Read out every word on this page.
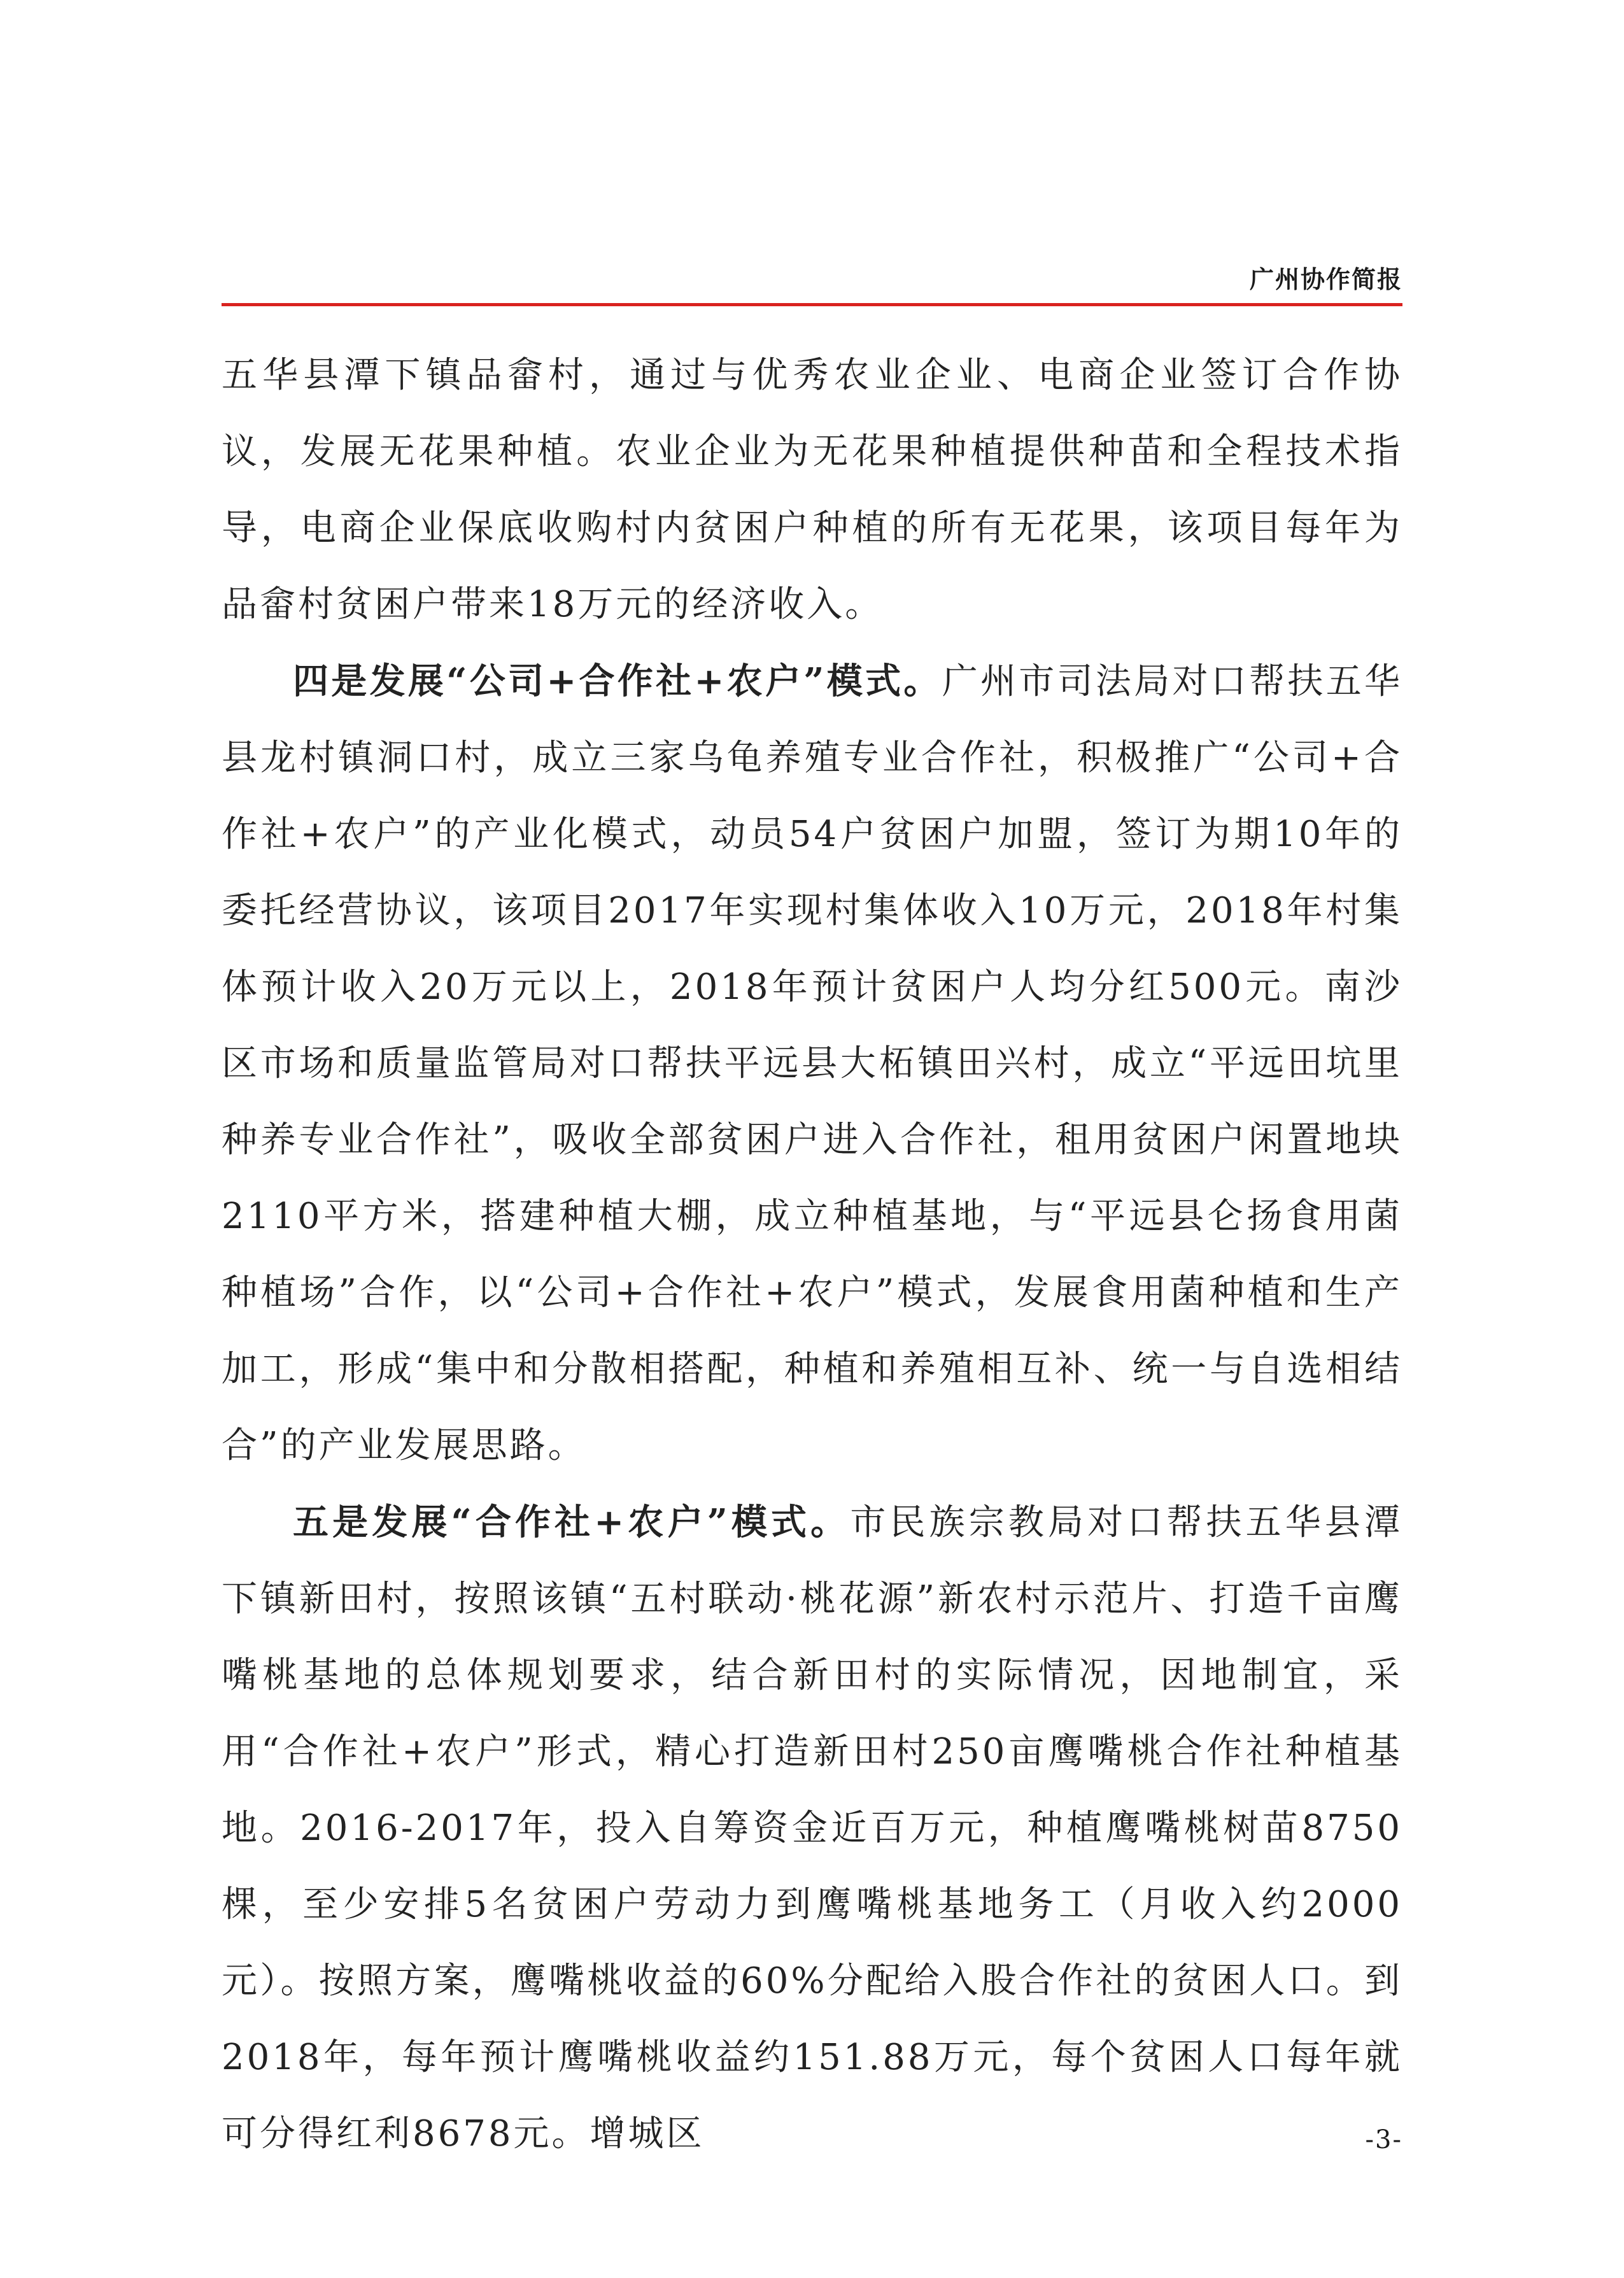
广州协作简报

五华县潭下镇品畲村，通过与优秀农业企业、电商企业签订合作协议，发展无花果种植。农业企业为无花果种植提供种苗和全程技术指导，电商企业保底收购村内贫困户种植的所有无花果，该项目每年为品畲村贫困户带来18万元的经济收入。

四是发展“公司+合作社+农户”模式。广州市司法局对口帮扶五华县龙村镇洞口村，成立三家乌龟养殖专业合作社，积极推广“公司+合作社+农户”的产业化模式，动员54户贫困户加盟，签订为期10年的委托经营协议，该项目2017年实现村集体收入10万元，2018年村集体预计收入20万元以上，2018年预计贫困户人均分红500元。南沙区市场和质量监管局对口帮扶平远县大柘镇田兴村，成立“平远田坑里种养专业合作社”，吸收全部贫困户进入合作社，租用贫困户闲置地块2110平方米，搭建种植大棚，成立种植基地，与“平远县仑扬食用菌种植场”合作，以“公司+合作社+农户”模式，发展食用菌种植和生产加工，形成“集中和分散相搭配，种植和养殖相互补、统一与自选相结合”的产业发展思路。

五是发展“合作社+农户”模式。市民族宗教局对口帮扶五华县潭下镇新田村，按照该镇“五村联动·桃花源”新农村示范片、打造千亩鹰嘴桃基地的总体规划要求，结合新田村的实际情况，因地制宜，采用“合作社+农户”形式，精心打造新田村250亩鹰嘴桃合作社种植基地。2016-2017年，投入自筹资金近百万元，种植鹰嘴桃树苗8750棵，至少安排5名贫困户劳动力到鹰嘴桃基地务工（月收入约2000元）。按照方案，鹰嘴桃收益的60%分配给入股合作社的贫困人口。到2018年，每年预计鹰嘴桃收益约151.88万元，每个贫困人口每年就可分得红利8678元。增城区	-3-
